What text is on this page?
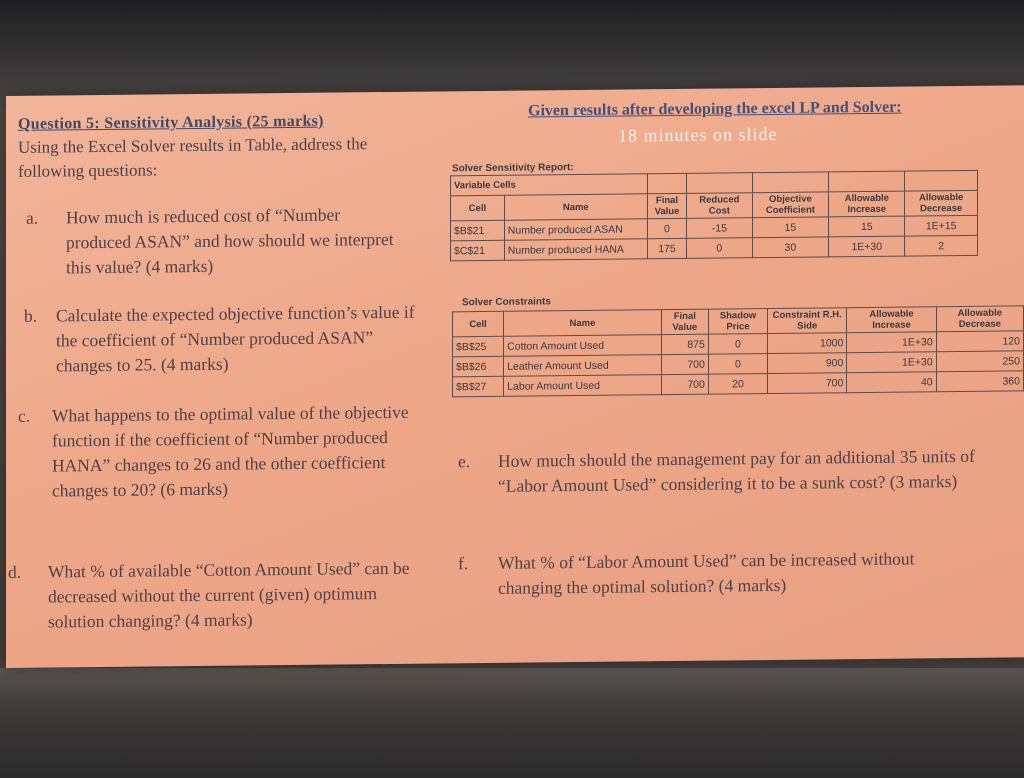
Question 5: Sensitivity Analysis (25 marks)
Using the Excel Solver results in Table, address the following questions:
a. How much is reduced cost of “Number produced ASAN” and how should we interpret this value? (4 marks)
b. Calculate the expected objective function’s value if the coefficient of “Number produced ASAN” changes to 25. (4 marks)
c. What happens to the optimal value of the objective function if the coefficient of “Number produced HANA” changes to 26 and the other coefficient changes to 20? (6 marks)
d. What % of available “Cotton Amount Used” can be decreased without the current (given) optimum solution changing? (4 marks)
e. How much should the management pay for an additional 35 units of “Labor Amount Used” considering it to be a sunk cost? (3 marks)
f. What % of “Labor Amount Used” can be increased without changing the optimal solution? (4 marks)
Given results after developing the excel LP and Solver:
18 minutes on slide
Solver Sensitivity Report:
Variable Cells						
Cell	Name	Final Value	Reduced Cost	Objective Coefficient	Allowable Increase	Allowable Decrease
$B$21	Number produced ASAN	0	-15	15	15	1E+15
$C$21	Number produced HANA	175	0	30	1E+30	2
Solver Constraints
Cell	Name	Final Value	Shadow Price	Constraint R.H. Side	Allowable Increase	Allowable Decrease
$B$25	Cotton Amount Used	875	0	1000	1E+30	120
$B$26	Leather Amount Used	700	0	900	1E+30	250
$B$27	Labor Amount Used	700	20	700	40	360
